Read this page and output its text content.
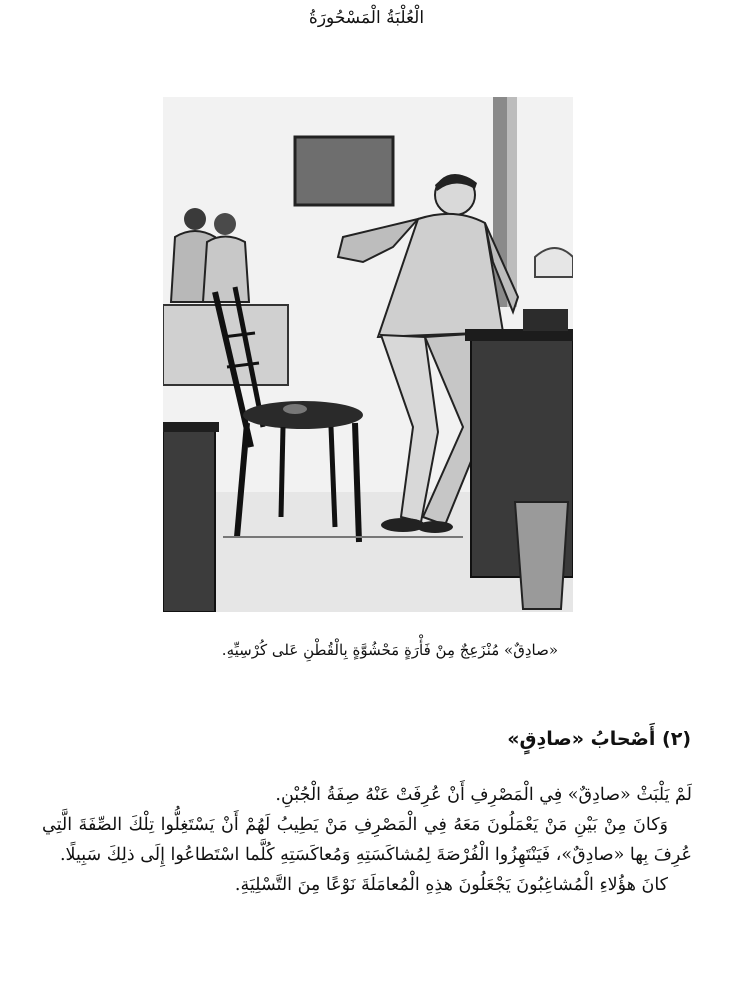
الْعُلْبَةُ الْمَسْحُورَةُ
«صادِقٌ» مُنْزَعِجٌ مِنْ فَأْرَةٍ مَحْشُوَّةٍ بِالْقُطْنِ عَلى كُرْسِيِّهِ.
(٢) أَصْحابُ «صادِقٍ»

لَمْ يَلْبَثْ «صادِقٌ» فِي الْمَصْرِفِ أَنْ عُرِفَتْ عَنْهُ صِفَةُ الْجُبْنِ.

وَكانَ مِنْ بَيْنِ مَنْ يَعْمَلُونَ مَعَهُ فِي الْمَصْرِفِ مَنْ يَطِيبُ لَهُمْ أَنْ يَسْتَغِلُّوا تِلْكَ الصِّفَةَ الَّتِي عُرِفَ بِها «صادِقٌ»، فَيَنْتَهِزُوا الْفُرْصَةَ لِمُشاكَسَتِهِ وَمُعاكَسَتِهِ كُلَّما اسْتَطاعُوا إِلَى ذلِكَ سَبِيلًا.

كانَ هؤُلاءِ الْمُشاغِبُونَ يَجْعَلُونَ هذِهِ الْمُعامَلَةَ نَوْعًا مِنَ التَّسْلِيَةِ.
